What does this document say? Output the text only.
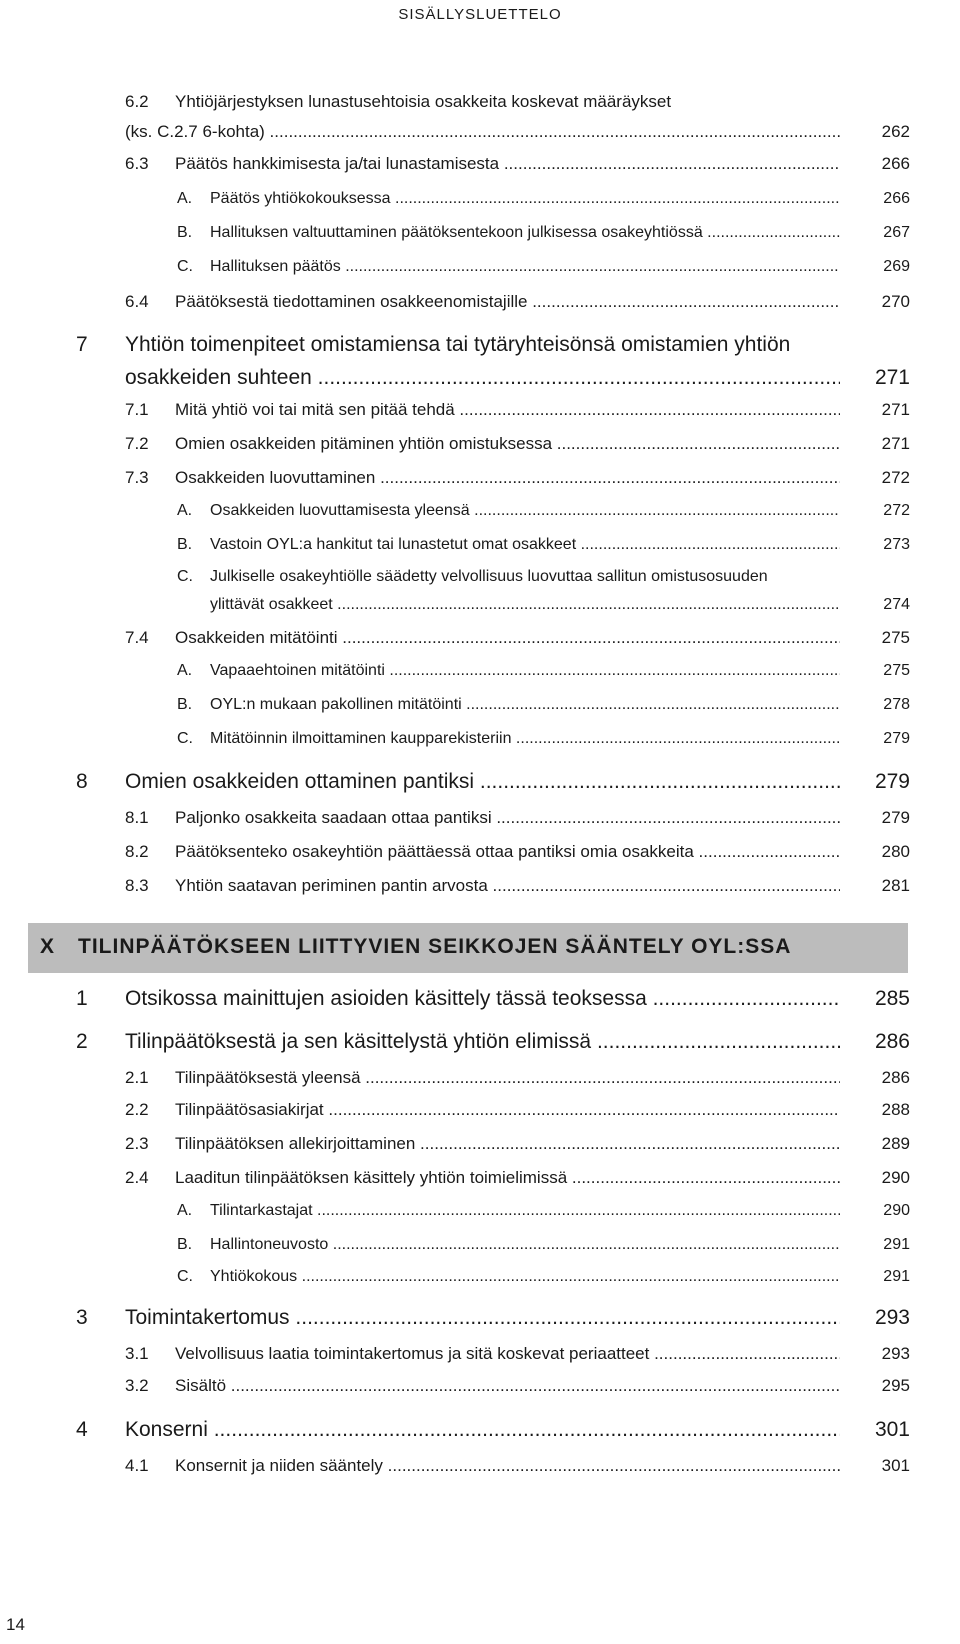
SISÄLLYSLUETTELO
6.2 Yhtiöjärjestyksen lunastusehtoisia osakkeita koskevat määräykset
(ks. C.2.7 6-kohta) .....	262
6.3 Päätös hankkimisesta ja/tai lunastamisesta .....	266
A. Päätös yhtiökokouksessa .....	266
B. Hallituksen valtuuttaminen päätöksentekoon julkisessa osakeyhtiössä .....	267
C. Hallituksen päätös .....	269
6.4 Päätöksestä tiedottaminen osakkeenomistajille .....	270
7 Yhtiön toimenpiteet omistamiensa tai tytäryhteisönsä omistamien yhtiön
osakkeiden suhteen .....	271
7.1 Mitä yhtiö voi tai mitä sen pitää tehdä .....	271
7.2 Omien osakkeiden pitäminen yhtiön omistuksessa .....	271
7.3 Osakkeiden luovuttaminen .....	272
A. Osakkeiden luovuttamisesta yleensä .....	272
B. Vastoin OYL:a hankitut tai lunastetut omat osakkeet .....	273
C. Julkiselle osakeyhtiölle säädetty velvollisuus luovuttaa sallitun omistusosuuden
ylittävät osakkeet .....	274
7.4 Osakkeiden mitätöinti .....	275
A. Vapaaehtoinen mitätöinti .....	275
B. OYL:n mukaan pakollinen mitätöinti .....	278
C. Mitätöinnin ilmoittaminen kaupparekisteriin .....	279
8 Omien osakkeiden ottaminen pantiksi .....	279
8.1 Paljonko osakkeita saadaan ottaa pantiksi .....	279
8.2 Päätöksenteko osakeyhtiön päättäessä ottaa pantiksi omia osakkeita .....	280
8.3 Yhtiön saatavan periminen pantin arvosta .....	281
X TILINPÄÄTÖKSEEN LIITTYVIEN SEIKKOJEN SÄÄNTELY OYL:SSA
1 Otsikossa mainittujen asioiden käsittely tässä teoksessa .....	285
2 Tilinpäätöksestä ja sen käsittelystä yhtiön elimissä .....	286
2.1 Tilinpäätöksestä yleensä .....	286
2.2 Tilinpäätösasiakirjat .....	288
2.3 Tilinpäätöksen allekirjoittaminen .....	289
2.4 Laaditun tilinpäätöksen käsittely yhtiön toimielimissä .....	290
A. Tilintarkastajat .....	290
B. Hallintoneuvosto .....	291
C. Yhtiökokous .....	291
3 Toimintakertomus .....	293
3.1 Velvollisuus laatia toimintakertomus ja sitä koskevat periaatteet .....	293
3.2 Sisältö .....	295
4 Konserni .....	301
4.1 Konsernit ja niiden sääntely .....	301
14
